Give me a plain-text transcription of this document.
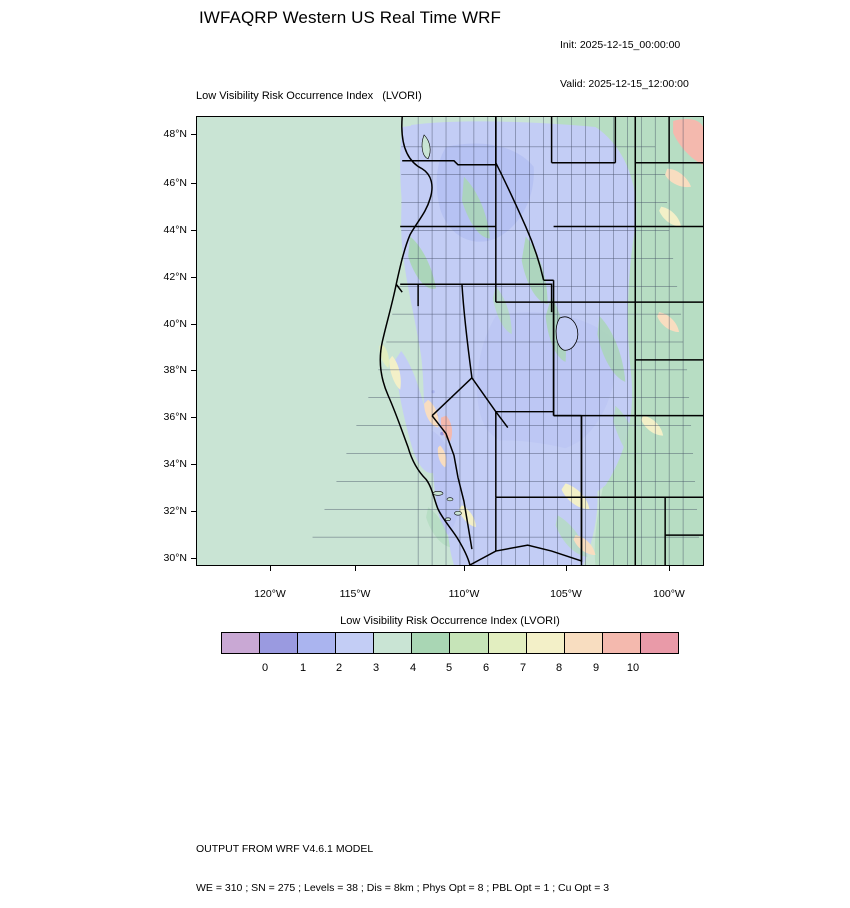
IWFAQRP Western US Real Time WRF

Init: 2025-12-15_00:00:00

Valid: 2025-12-15_12:00:00

Low Visibility Risk Occurrence Index   (LVORI)
48°N
46°N
44°N
42°N
40°N
38°N
36°N
34°N
32°N
30°N
120°W	115°W	110°W	105°W	100°W
Low Visibility Risk Occurrence Index (LVORI)
0	1	2	3	4	5	6	7	8	9	10

OUTPUT FROM WRF V4.6.1 MODEL

WE = 310 ; SN = 275 ; Levels = 38 ; Dis = 8km ; Phys Opt = 8 ; PBL Opt = 1 ; Cu Opt = 3
